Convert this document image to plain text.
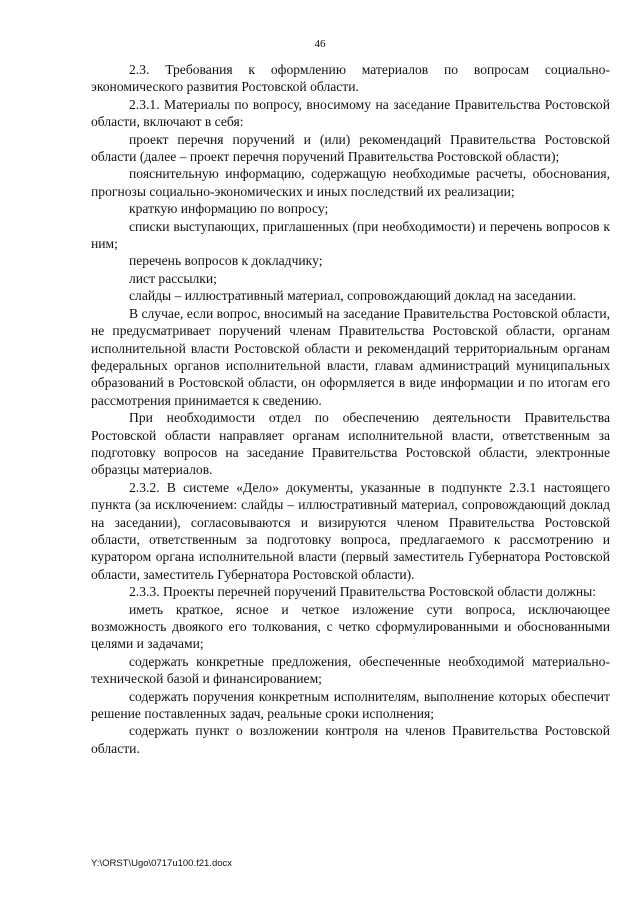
46

2.3. Требования к оформлению материалов по вопросам социально-экономического развития Ростовской области.

2.3.1. Материалы по вопросу, вносимому на заседание Правительства Ростовской области, включают в себя:

проект перечня поручений и (или) рекомендаций Правительства Ростовской области (далее – проект перечня поручений Правительства Ростовской области);

пояснительную информацию, содержащую необходимые расчеты, обоснования, прогнозы социально-экономических и иных последствий их реализации;

краткую информацию по вопросу;

списки выступающих, приглашенных (при необходимости) и перечень вопросов к ним;

перечень вопросов к докладчику;

лист рассылки;

слайды – иллюстративный материал, сопровождающий доклад на заседании.

В случае, если вопрос, вносимый на заседание Правительства Ростовской области, не предусматривает поручений членам Правительства Ростовской области, органам исполнительной власти Ростовской области и рекомендаций территориальным органам федеральных органов исполнительной власти, главам администраций муниципальных образований в Ростовской области, он оформляется в виде информации и по итогам его рассмотрения принимается к сведению.

При необходимости отдел по обеспечению деятельности Правительства Ростовской области направляет органам исполнительной власти, ответственным за подготовку вопросов на заседание Правительства Ростовской области, электронные образцы материалов.

2.3.2. В системе «Дело» документы, указанные в подпункте 2.3.1 настоящего пункта (за исключением: слайды – иллюстративный материал, сопровождающий доклад на заседании), согласовываются и визируются членом Правительства Ростовской области, ответственным за подготовку вопроса, предлагаемого к рассмотрению и куратором органа исполнительной власти (первый заместитель Губернатора Ростовской области, заместитель Губернатора Ростовской области).

2.3.3. Проекты перечней поручений Правительства Ростовской области должны:

иметь краткое, ясное и четкое изложение сути вопроса, исключающее возможность двоякого его толкования, с четко сформулированными и обоснованными целями и задачами;

содержать конкретные предложения, обеспеченные необходимой материально-технической базой и финансированием;

содержать поручения конкретным исполнителям, выполнение которых обеспечит решение поставленных задач, реальные сроки исполнения;

содержать пункт о возложении контроля на членов Правительства Ростовской области.

Y:\ORST\Ugo\0717u100.f21.docx
